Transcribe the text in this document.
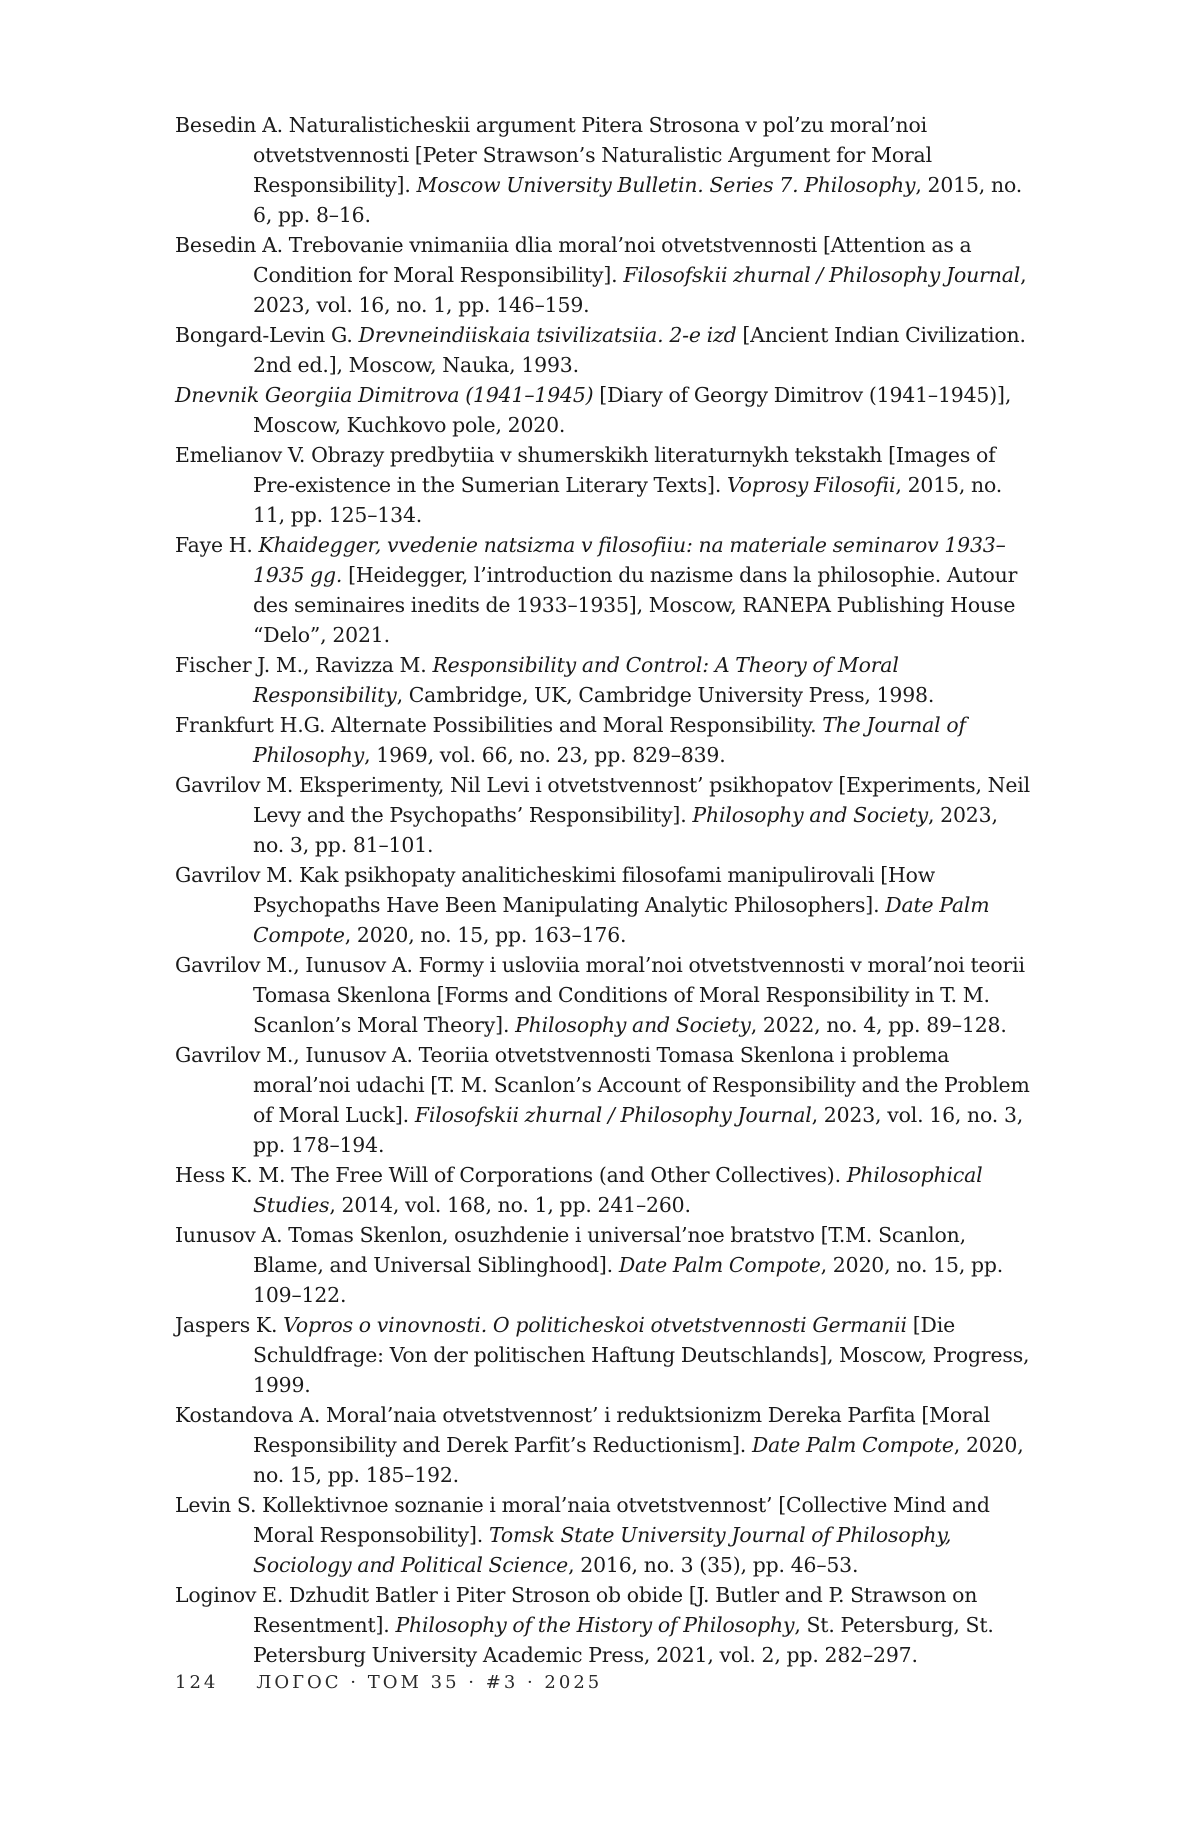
Besedin A. Naturalisticheskii argument Pitera Strosona v pol’zu moral’noi otvetstvennosti [Peter Strawson’s Naturalistic Argument for Moral Responsibility]. Moscow University Bulletin. Series 7. Philosophy, 2015, no. 6, pp. 8–16.
Besedin A. Trebovanie vnimaniia dlia moral’noi otvetstvennosti [Attention as a Condition for Moral Responsibility]. Filosofskii zhurnal / Philosophy Journal, 2023, vol. 16, no. 1, pp. 146–159.
Bongard-Levin G. Drevneindiiskaia tsivilizatsiia. 2-e izd [Ancient Indian Civilization. 2nd ed.], Moscow, Nauka, 1993.
Dnevnik Georgiia Dimitrova (1941–1945) [Diary of Georgy Dimitrov (1941–1945)], Moscow, Kuchkovo pole, 2020.
Emelianov V. Obrazy predbytiia v shumerskikh literaturnykh tekstakh [Images of Pre-existence in the Sumerian Literary Texts]. Voprosy Filosofii, 2015, no. 11, pp. 125–134.
Faye H. Khaidegger, vvedenie natsizma v filosofiiu: na materiale seminarov 1933–1935 gg. [Heidegger, l’introduction du nazisme dans la philosophie. Autour des seminaires inedits de 1933–1935], Moscow, RANEPA Publishing House “Delo”, 2021.
Fischer J. M., Ravizza M. Responsibility and Control: A Theory of Moral Responsibility, Cambridge, UK, Cambridge University Press, 1998.
Frankfurt H.G. Alternate Possibilities and Moral Responsibility. The Journal of Philosophy, 1969, vol. 66, no. 23, pp. 829–839.
Gavrilov M. Eksperimenty, Nil Levi i otvetstvennost’ psikhopatov [Experiments, Neil Levy and the Psychopaths’ Responsibility]. Philosophy and Society, 2023, no. 3, pp. 81–101.
Gavrilov M. Kak psikhopaty analiticheskimi filosofami manipulirovali [How Psychopaths Have Been Manipulating Analytic Philosophers]. Date Palm Compote, 2020, no. 15, pp. 163–176.
Gavrilov M., Iunusov A. Formy i usloviia moral’noi otvetstvennosti v moral’noi teorii Tomasa Skenlona [Forms and Conditions of Moral Responsibility in T. M. Scanlon’s Moral Theory]. Philosophy and Society, 2022, no. 4, pp. 89–128.
Gavrilov M., Iunusov A. Teoriia otvetstvennosti Tomasa Skenlona i problema moral’noi udachi [T. M. Scanlon’s Account of Responsibility and the Problem of Moral Luck]. Filosofskii zhurnal / Philosophy Journal, 2023, vol. 16, no. 3, pp. 178–194.
Hess K. M. The Free Will of Corporations (and Other Collectives). Philosophical Studies, 2014, vol. 168, no. 1, pp. 241–260.
Iunusov A. Tomas Skenlon, osuzhdenie i universal’noe bratstvo [T.M. Scanlon, Blame, and Universal Siblinghood]. Date Palm Compote, 2020, no. 15, pp. 109–122.
Jaspers K. Vopros o vinovnosti. O politicheskoi otvetstvennosti Germanii [Die Schuldfrage: Von der politischen Haftung Deutschlands], Moscow, Progress, 1999.
Kostandova A. Moral’naia otvetstvennost’ i reduktsionizm Dereka Parfita [Moral Responsibility and Derek Parfit’s Reductionism]. Date Palm Compote, 2020, no. 15, pp. 185–192.
Levin S. Kollektivnoe soznanie i moral’naia otvetstvennost’ [Collective Mind and Moral Responsobility]. Tomsk State University Journal of Philosophy, Sociology and Political Science, 2016, no. 3 (35), pp. 46–53.
Loginov E. Dzhudit Batler i Piter Stroson ob obide [J. Butler and P. Strawson on Resentment]. Philosophy of the History of Philosophy, St. Petersburg, St. Petersburg University Academic Press, 2021, vol. 2, pp. 282–297.
124 ЛОГОС · ТОМ 35 · #3 · 2025
